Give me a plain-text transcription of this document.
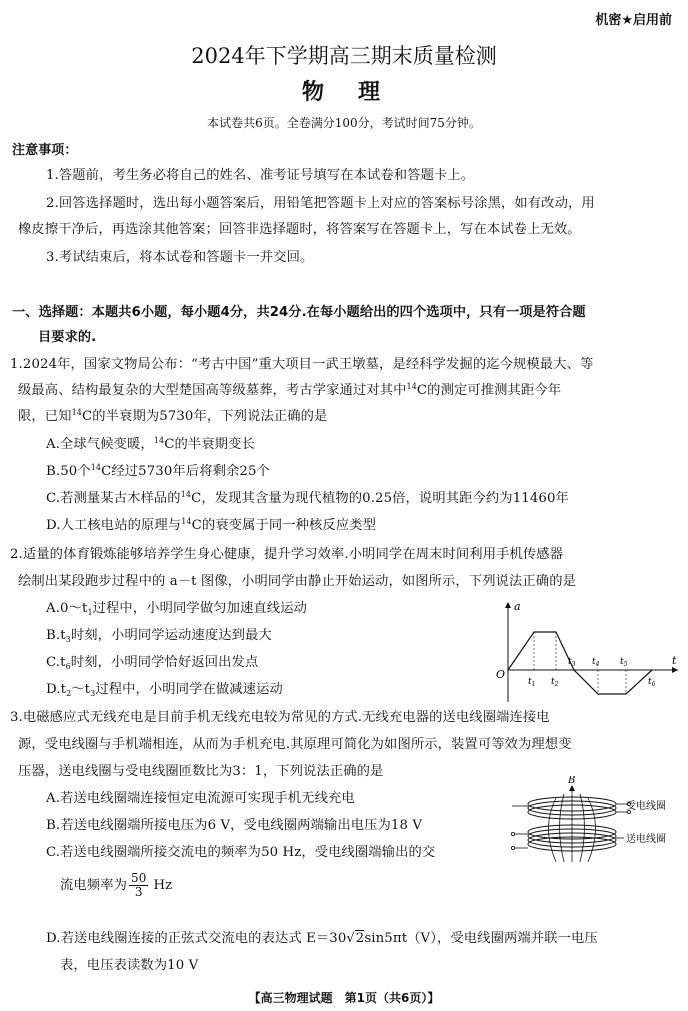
机密★启用前
2024年下学期高三期末质量检测
物　理
本试卷共6页。全卷满分100分，考试时间75分钟。
注意事项：
1.答题前，考生务必将自己的姓名、准考证号填写在本试卷和答题卡上。
2.回答选择题时，选出每小题答案后，用铅笔把答题卡上对应的答案标号涂黑，如有改动，用
橡皮擦干净后，再选涂其他答案；回答非选择题时，将答案写在答题卡上，写在本试卷上无效。
3.考试结束后，将本试卷和答题卡一并交回。
一、选择题：本题共6小题，每小题4分，共24分.在每小题给出的四个选项中，只有一项是符合题
目要求的.
1.2024年，国家文物局公布：“考古中国”重大项目一武王墩墓，是经科学发掘的迄今规模最大、等
级最高、结构最复杂的大型楚国高等级墓葬，考古学家通过对其中$^{14}$C的测定可推测其距今年
限，已知$^{14}$C的半衰期为5730年，下列说法正确的是
A.全球气候变暖，$^{14}$C的半衰期变长
B.50个$^{14}$C经过5730年后将剩余25个
C.若测量某古木样品的$^{14}$C，发现其含量为现代植物的0.25倍，说明其距今约为11460年
D.人工核电站的原理与$^{14}$C的衰变属于同一种核反应类型
2.适量的体育锻炼能够培养学生身心健康，提升学习效率.小明同学在周末时间利用手机传感器
绘制出某段跑步过程中的 a－t 图像，小明同学由静止开始运动，如图所示，下列说法正确的是
$A.0\sim t_1$过程中，小明同学做匀加速直线运动
$B.t_3$时刻，小明同学运动速度达到最大
$C.t_6$时刻，小明同学恰好返回出发点
$D.t_2\sim t_3$过程中，小明同学在做减速运动
a
t
O
$t_1$ $t_2$
$t_3$ $t_4$ $t_5$
$t_6$
3.电磁感应式无线充电是目前手机无线充电较为常见的方式.无线充电器的送电线圈端连接电
源，受电线圈与手机端相连，从而为手机充电.其原理可简化为如图所示，装置可等效为理想变
压器，送电线圈与受电线圈匝数比为3：1，下列说法正确的是
A.若送电线圈端连接恒定电流源可实现手机无线充电
B.若送电线圈端所接电压为6 V，受电线圈两端输出电压为18 V
C.若送电线圈端所接交流电的频率为50 Hz，受电线圈端输出的交
流电频率为 $\frac{50}{3}$ Hz
D.若送电线圈连接的正弦式交流电的表达式 E＝30√2sin5πt（V），受电线圈两端并联一电压
表，电压表读数为10 V
B
受电线圈
送电线圈
【高三物理试题　第1页（共6页）】
